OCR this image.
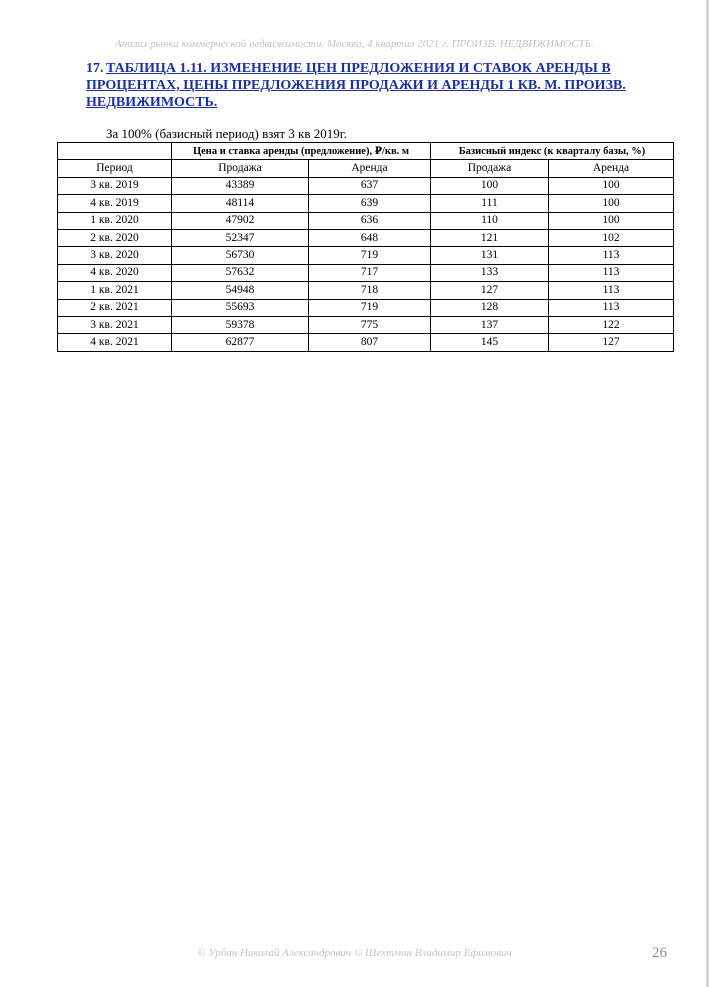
Анализ рынка коммерческой недвижимости. Москва, 4 квартал 2021 г. ПРОИЗВ. НЕДВИЖИМОСТЬ.
17. ТАБЛИЦА 1.11. ИЗМЕНЕНИЕ ЦЕН ПРЕДЛОЖЕНИЯ И СТАВОК АРЕНДЫ В ПРОЦЕНТАХ, ЦЕНЫ ПРЕДЛОЖЕНИЯ ПРОДАЖИ И АРЕНДЫ 1 КВ. М. ПРОИЗВ. НЕДВИЖИМОСТЬ.
За 100% (базисный период) взят 3 кв 2019г.
	Цена и ставка аренды (предложение), ₽/кв. м		Базисный индекс (к кварталу базы, %)	
Период	Продажа	Аренда	Продажа	Аренда
3 кв. 2019	43389	637	100	100
4 кв. 2019	48114	639	111	100
1 кв. 2020	47902	636	110	100
2 кв. 2020	52347	648	121	102
3 кв. 2020	56730	719	131	113
4 кв. 2020	57632	717	133	113
1 кв. 2021	54948	718	127	113
2 кв. 2021	55693	719	128	113
3 кв. 2021	59378	775	137	122
4 кв. 2021	62877	807	145	127
© Урбан Николай Александрович © Шехтман Владимир Ефимович	26
